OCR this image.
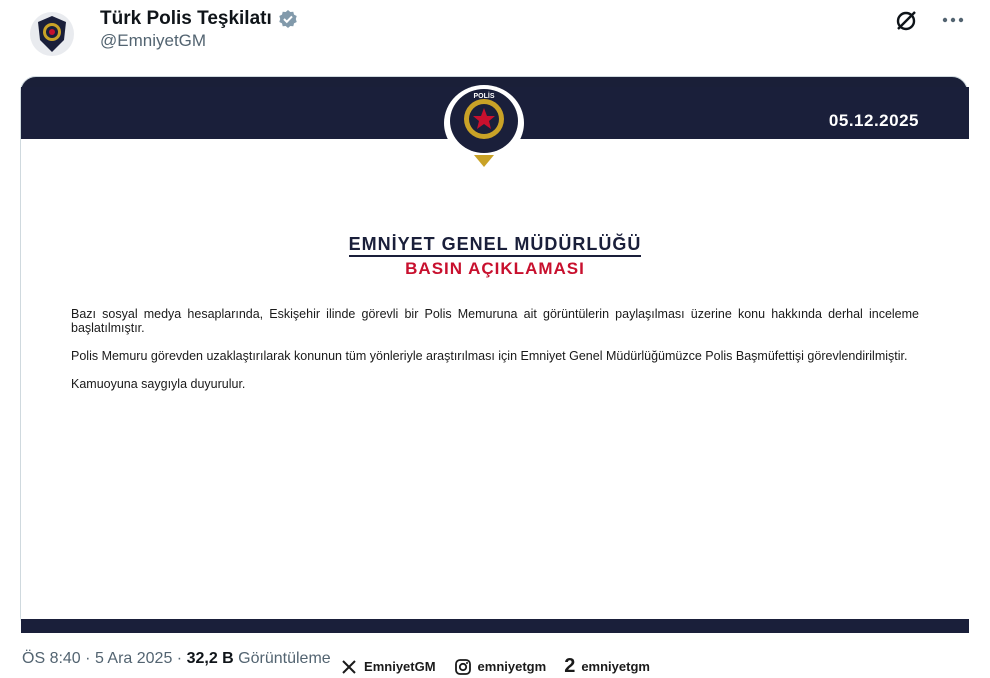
Türk Polis Teşkilatı
@EmniyetGM
05.12.2025
EMNİYET GENEL MÜDÜRLÜĞÜ
BASIN AÇIKLAMASI

Bazı sosyal medya hesaplarında, Eskişehir ilinde görevli bir Polis Memuruna ait görüntülerin paylaşılması üzerine konu hakkında derhal inceleme başlatılmıştır.

Polis Memuru görevden uzaklaştırılarak konunun tüm yönleriyle araştırılması için Emniyet Genel Müdürlüğümüzce Polis Başmüfettişi görevlendirilmiştir.

Kamuoyuna saygıyla duyurulur.

EmniyetGM	emniyetgm 2 emniyetgm
POLİS
ÖS 8:40 · 5 Ara 2025 · 32,2 B Görüntüleme
